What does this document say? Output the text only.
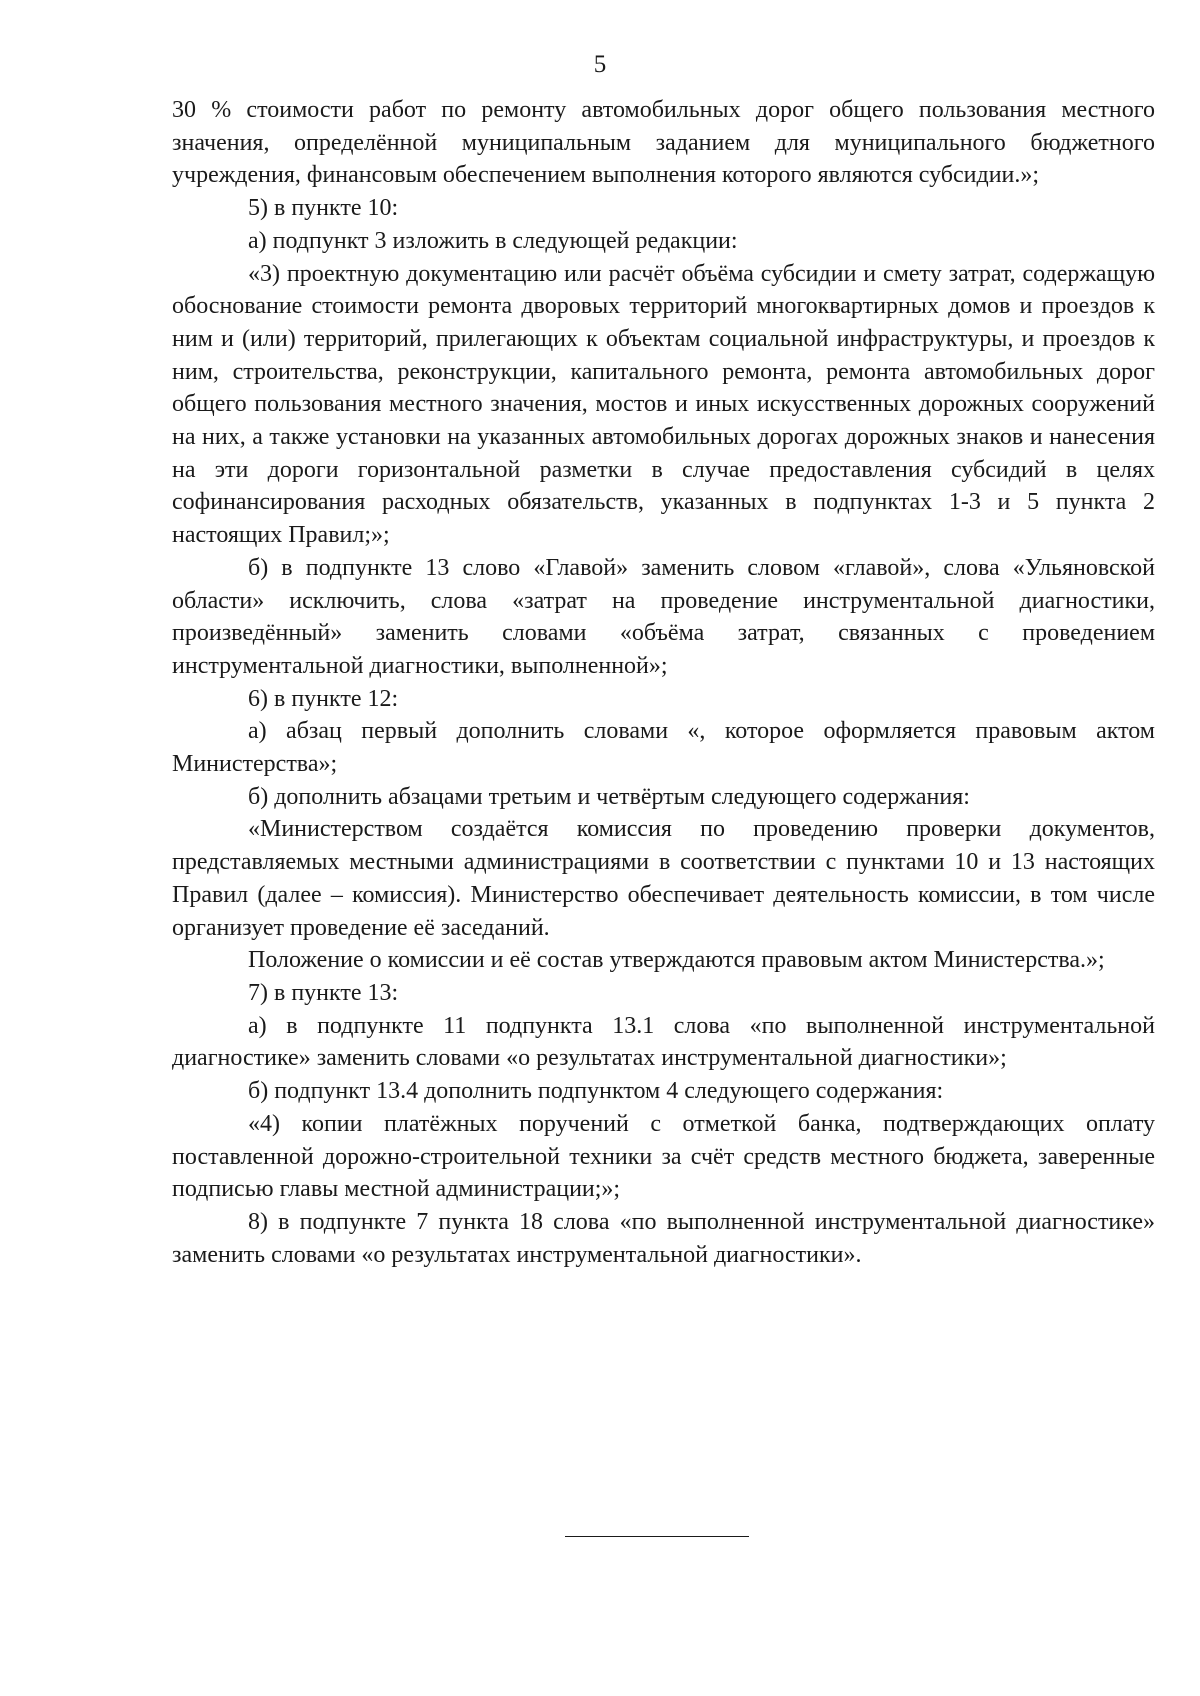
5

30 % стоимости работ по ремонту автомобильных дорог общего пользования местного значения, определённой муниципальным заданием для муниципального бюджетного учреждения, финансовым обеспечением выполнения которого являются субсидии.»;

5) в пункте 10:

а) подпункт 3 изложить в следующей редакции:

«3) проектную документацию или расчёт объёма субсидии и смету затрат, содержащую обоснование стоимости ремонта дворовых территорий многоквартирных домов и проездов к ним и (или) территорий, прилегающих к объектам социальной инфраструктуры, и проездов к ним, строительства, реконструкции, капитального ремонта, ремонта автомобильных дорог общего пользования местного значения, мостов и иных искусственных дорожных сооружений на них, а также установки на указанных автомобильных дорогах дорожных знаков и нанесения на эти дороги горизонтальной разметки в случае предоставления субсидий в целях софинансирования расходных обязательств, указанных в подпунктах 1-3 и 5 пункта 2 настоящих Правил;»;

б) в подпункте 13 слово «Главой» заменить словом «главой», слова «Ульяновской области» исключить, слова «затрат на проведение инструментальной диагностики, произведённый» заменить словами «объёма затрат, связанных с проведением инструментальной диагностики, выполненной»;

6) в пункте 12:

а) абзац первый дополнить словами «, которое оформляется правовым актом Министерства»;

б) дополнить абзацами третьим и четвёртым следующего содержания:

«Министерством создаётся комиссия по проведению проверки документов, представляемых местными администрациями в соответствии с пунктами 10 и 13 настоящих Правил (далее – комиссия). Министерство обеспечивает деятельность комиссии, в том числе организует проведение её заседаний.

Положение о комиссии и её состав утверждаются правовым актом Министерства.»;

7) в пункте 13:

а) в подпункте 11 подпункта 13.1 слова «по выполненной инструментальной диагностике» заменить словами «о результатах инструментальной диагностики»;

б) подпункт 13.4 дополнить подпунктом 4 следующего содержания:

«4) копии платёжных поручений с отметкой банка, подтверждающих оплату поставленной дорожно-строительной техники за счёт средств местного бюджета, заверенные подписью главы местной администрации;»;

8) в подпункте 7 пункта 18 слова «по выполненной инструментальной диагностике» заменить словами «о результатах инструментальной диагностики».
